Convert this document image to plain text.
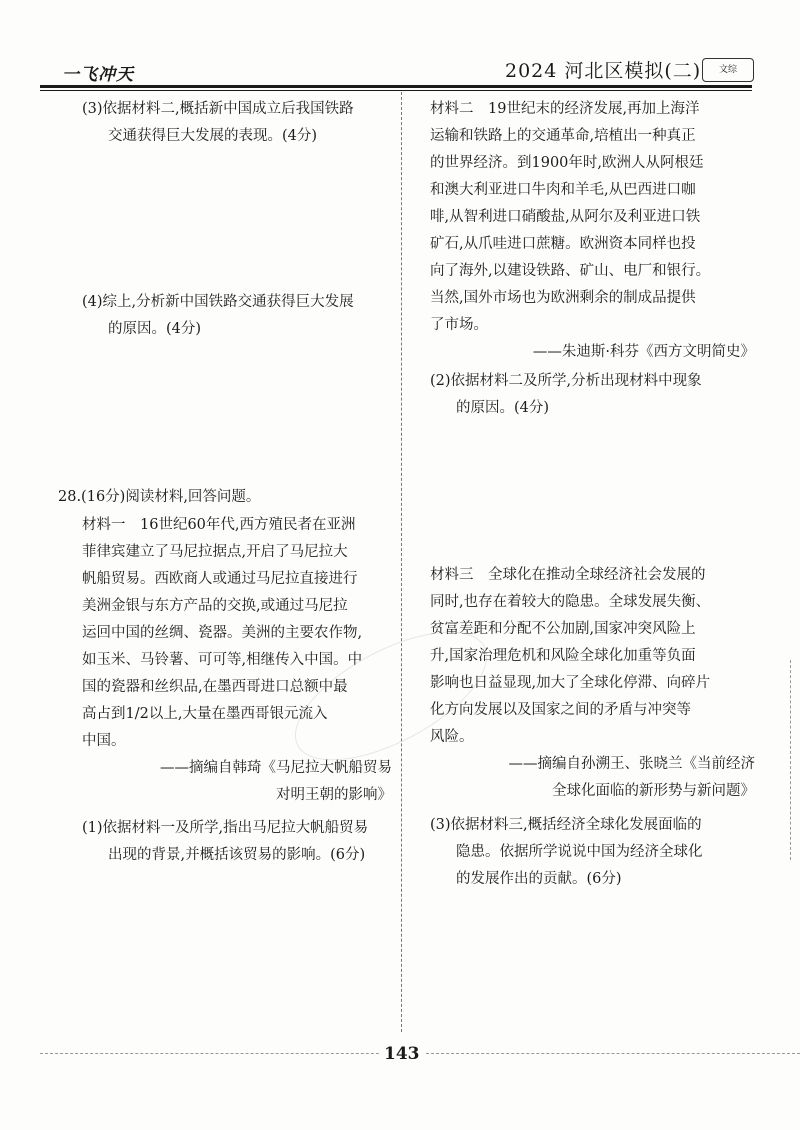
一飞冲天	2024 河北区模拟(二)	文综

(3)依据材料二,概括新中国成立后我国铁路

交通获得巨大发展的表现。(4分)

(4)综上,分析新中国铁路交通获得巨大发展

的原因。(4分)

28.(16分)阅读材料,回答问题。

材料一　16世纪60年代,西方殖民者在亚洲

菲律宾建立了马尼拉据点,开启了马尼拉大

帆船贸易。西欧商人或通过马尼拉直接进行

美洲金银与东方产品的交换,或通过马尼拉

运回中国的丝绸、瓷器。美洲的主要农作物,

如玉米、马铃薯、可可等,相继传入中国。中

国的瓷器和丝织品,在墨西哥进口总额中最

高占到1/2以上,大量在墨西哥银元流入

中国。

——摘编自韩琦《马尼拉大帆船贸易

对明王朝的影响》

(1)依据材料一及所学,指出马尼拉大帆船贸易

出现的背景,并概括该贸易的影响。(6分)

材料二　19世纪末的经济发展,再加上海洋

运输和铁路上的交通革命,培植出一种真正

的世界经济。到1900年时,欧洲人从阿根廷

和澳大利亚进口牛肉和羊毛,从巴西进口咖

啡,从智利进口硝酸盐,从阿尔及利亚进口铁

矿石,从爪哇进口蔗糖。欧洲资本同样也投

向了海外,以建设铁路、矿山、电厂和银行。

当然,国外市场也为欧洲剩余的制成品提供

了市场。

——朱迪斯·科芬《西方文明简史》

(2)依据材料二及所学,分析出现材料中现象

的原因。(4分)

材料三　全球化在推动全球经济社会发展的

同时,也存在着较大的隐患。全球发展失衡、

贫富差距和分配不公加剧,国家冲突风险上

升,国家治理危机和风险全球化加重等负面

影响也日益显现,加大了全球化停滞、向碎片

化方向发展以及国家之间的矛盾与冲突等

风险。

——摘编自孙溯王、张晓兰《当前经济

全球化面临的新形势与新问题》

(3)依据材料三,概括经济全球化发展面临的

隐患。依据所学说说中国为经济全球化

的发展作出的贡献。(6分)

143
